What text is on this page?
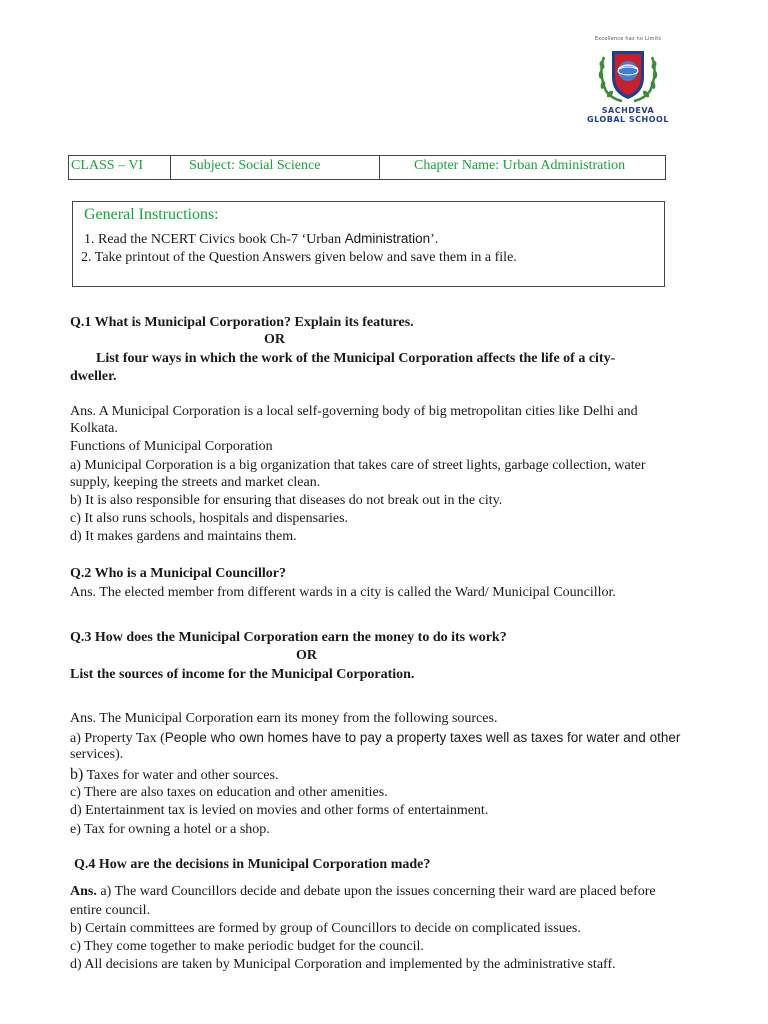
Excellence has no Limits
SACHDEVA
GLOBAL SCHOOL
CLASS – VI	Subject: Social Science	Chapter Name: Urban Administration
General Instructions:
1. Read the NCERT Civics book Ch-7 ‘Urban Administration’.
2. Take printout of the Question Answers given below and save them in a file.
Q.1 What is Municipal Corporation? Explain its features.
OR
List four ways in which the work of the Municipal Corporation affects the life of a city-
dweller.
Ans. A Municipal Corporation is a local self-governing body of big metropolitan cities like Delhi and
Kolkata.
Functions of Municipal Corporation
a) Municipal Corporation is a big organization that takes care of street lights, garbage collection, water
supply, keeping the streets and market clean.
b) It is also responsible for ensuring that diseases do not break out in the city.
c) It also runs schools, hospitals and dispensaries.
d) It makes gardens and maintains them.
Q.2 Who is a Municipal Councillor?
Ans. The elected member from different wards in a city is called the Ward/ Municipal Councillor.
Q.3 How does the Municipal Corporation earn the money to do its work?
OR
List the sources of income for the Municipal Corporation.
Ans. The Municipal Corporation earn its money from the following sources.
a) Property Tax (People who own homes have to pay a property taxes well as taxes for water and other
services).
b) Taxes for water and other sources.
c) There are also taxes on education and other amenities.
d) Entertainment tax is levied on movies and other forms of entertainment.
e) Tax for owning a hotel or a shop.
Q.4 How are the decisions in Municipal Corporation made?
Ans. a) The ward Councillors decide and debate upon the issues concerning their ward are placed before
entire council.
b) Certain committees are formed by group of Councillors to decide on complicated issues.
c) They come together to make periodic budget for the council.
d) All decisions are taken by Municipal Corporation and implemented by the administrative staff.
